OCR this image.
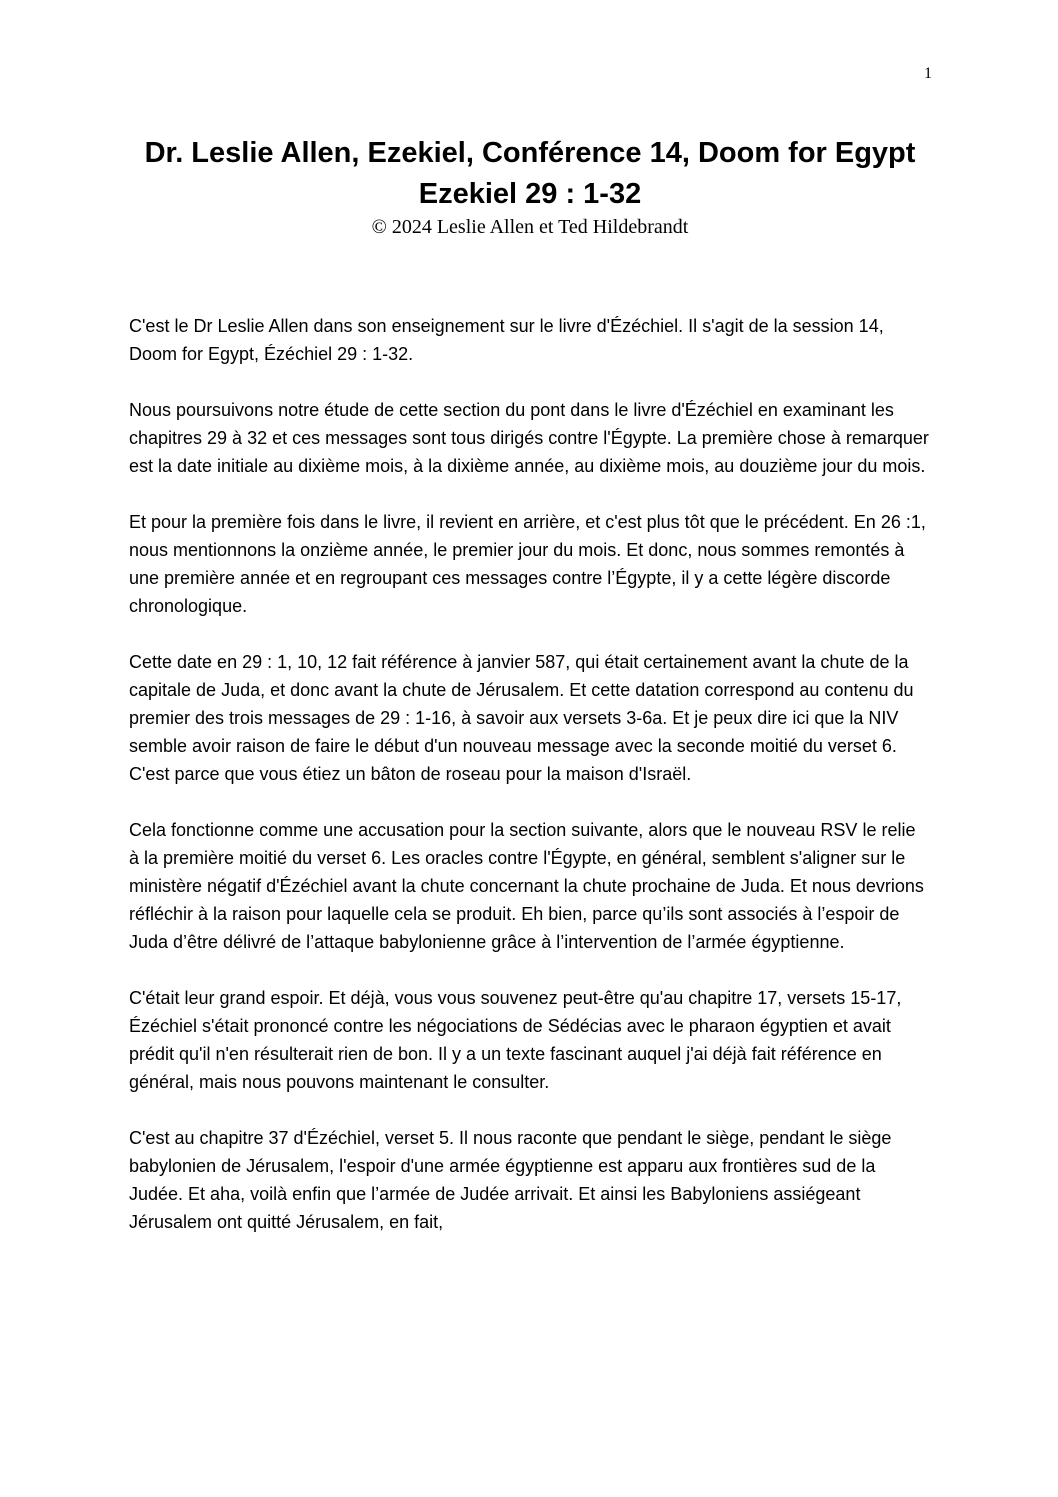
1
Dr. Leslie Allen, Ezekiel, Conférence 14, Doom for Egypt
Ezekiel 29 : 1-32

© 2024 Leslie Allen et Ted Hildebrandt

C'est le Dr Leslie Allen dans son enseignement sur le livre d'Ézéchiel. Il s'agit de la session 14, Doom for Egypt, Ézéchiel 29 : 1-32.

Nous poursuivons notre étude de cette section du pont dans le livre d'Ézéchiel en examinant les chapitres 29 à 32 et ces messages sont tous dirigés contre l'Égypte. La première chose à remarquer est la date initiale au dixième mois, à la dixième année, au dixième mois, au douzième jour du mois.

Et pour la première fois dans le livre, il revient en arrière, et c'est plus tôt que le précédent. En 26 :1, nous mentionnons la onzième année, le premier jour du mois. Et donc, nous sommes remontés à une première année et en regroupant ces messages contre l’Égypte, il y a cette légère discorde chronologique.

Cette date en 29 : 1, 10, 12 fait référence à janvier 587, qui était certainement avant la chute de la capitale de Juda, et donc avant la chute de Jérusalem. Et cette datation correspond au contenu du premier des trois messages de 29 : 1-16, à savoir aux versets 3-6a. Et je peux dire ici que la NIV semble avoir raison de faire le début d'un nouveau message avec la seconde moitié du verset 6. C'est parce que vous étiez un bâton de roseau pour la maison d'Israël.

Cela fonctionne comme une accusation pour la section suivante, alors que le nouveau RSV le relie à la première moitié du verset 6. Les oracles contre l'Égypte, en général, semblent s'aligner sur le ministère négatif d'Ézéchiel avant la chute concernant la chute prochaine de Juda. Et nous devrions réfléchir à la raison pour laquelle cela se produit. Eh bien, parce qu’ils sont associés à l’espoir de Juda d’être délivré de l’attaque babylonienne grâce à l’intervention de l’armée égyptienne.

C'était leur grand espoir. Et déjà, vous vous souvenez peut-être qu'au chapitre 17, versets 15-17, Ézéchiel s'était prononcé contre les négociations de Sédécias avec le pharaon égyptien et avait prédit qu'il n'en résulterait rien de bon. Il y a un texte fascinant auquel j'ai déjà fait référence en général, mais nous pouvons maintenant le consulter.

C'est au chapitre 37 d'Ézéchiel, verset 5. Il nous raconte que pendant le siège, pendant le siège babylonien de Jérusalem, l'espoir d'une armée égyptienne est apparu aux frontières sud de la Judée. Et aha, voilà enfin que l’armée de Judée arrivait. Et ainsi les Babyloniens assiégeant Jérusalem ont quitté Jérusalem, en fait,
